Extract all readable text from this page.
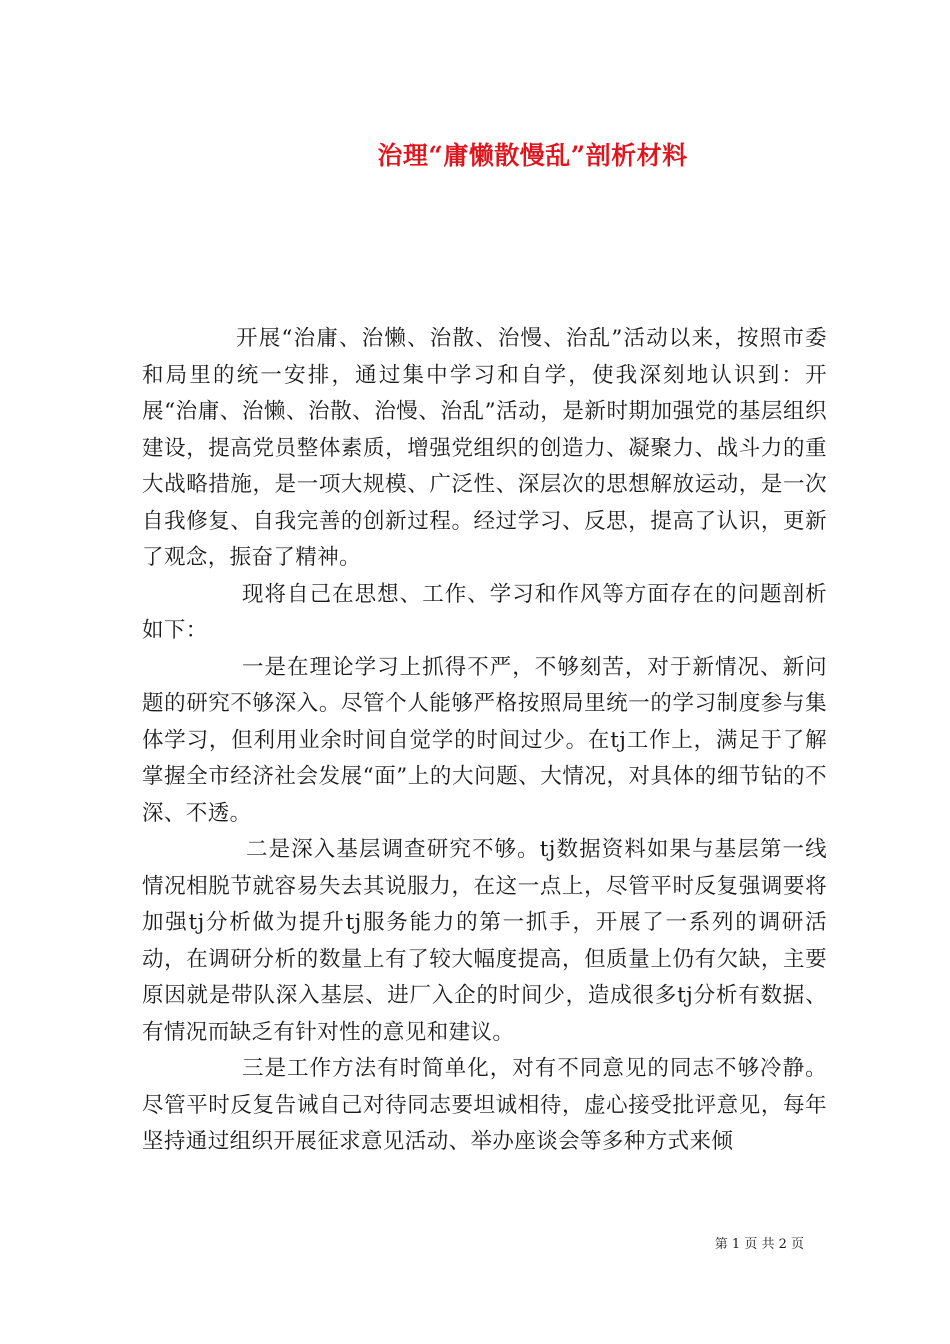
治理“庸懒散慢乱”剖析材料

开展“治庸、治懒、治散、治慢、治乱”活动以来，按照市委和局里的统一安排，通过集中学习和自学，使我深刻地认识到：开展“治庸、治懒、治散、治慢、治乱”活动，是新时期加强党的基层组织建设，提高党员整体素质，增强党组织的创造力、凝聚力、战斗力的重大战略措施，是一项大规模、广泛性、深层次的思想解放运动，是一次自我修复、自我完善的创新过程。经过学习、反思，提高了认识，更新了观念，振奋了精神。

现将自己在思想、工作、学习和作风等方面存在的问题剖析如下：

一是在理论学习上抓得不严，不够刻苦，对于新情况、新问题的研究不够深入。尽管个人能够严格按照局里统一的学习制度参与集体学习，但利用业余时间自觉学的时间过少。在tj工作上，满足于了解掌握全市经济社会发展“面”上的大问题、大情况，对具体的细节钻的不深、不透。

二是深入基层调查研究不够。tj数据资料如果与基层第一线情况相脱节就容易失去其说服力，在这一点上，尽管平时反复强调要将加强tj分析做为提升tj服务能力的第一抓手，开展了一系列的调研活动，在调研分析的数量上有了较大幅度提高，但质量上仍有欠缺，主要原因就是带队深入基层、进厂入企的时间少，造成很多tj分析有数据、有情况而缺乏有针对性的意见和建议。

三是工作方法有时简单化，对有不同意见的同志不够冷静。尽管平时反复告诫自己对待同志要坦诚相待，虚心接受批评意见，每年坚持通过组织开展征求意见活动、举办座谈会等多种方式来倾

第 1 页 共 2 页
